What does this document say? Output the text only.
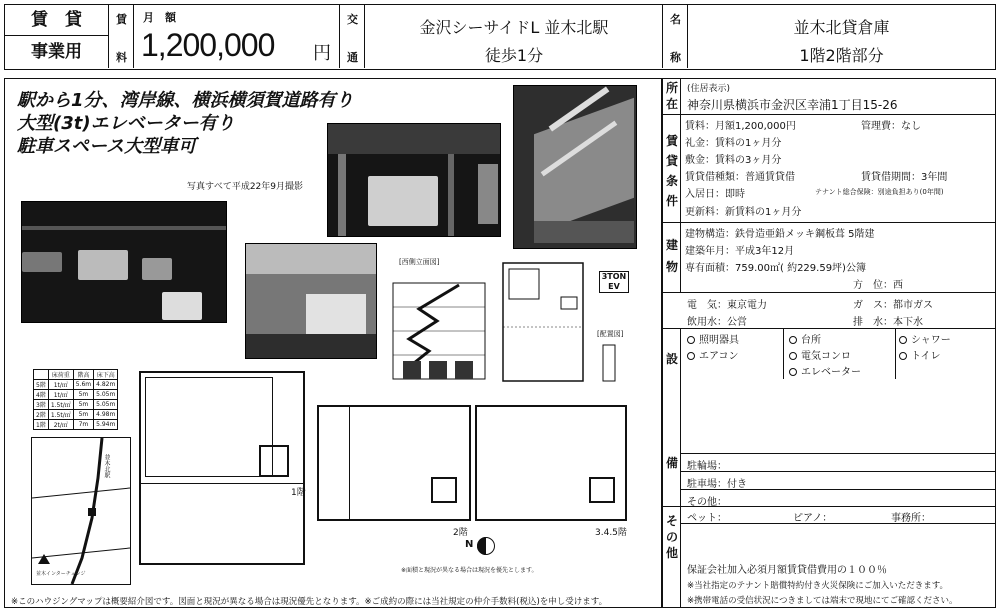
賃　貸
事業用
賃
料
月　額
1,200,000 円
交
通
金沢シーサイドL 並木北駅
徒歩1分
名
称
並木北貸倉庫
1階2階部分
駅から1分、湾岸線、横浜横須賀道路有り
大型(3t)エレベーター有り
駐車スペース大型車可
写真すべて平成22年9月撮影
[西側立面図]
3TON
EV
[配置図]
	床荷重	階高	床下高
5階	1t/㎡	5.6m	4.82m
4階	1t/㎡	5m	5.05m
3階	1.5t/㎡	5m	5.05m
2階	1.5t/㎡	5m	4.98m
1階	2t/㎡	7m	5.94m
並木北駅
並木インターチェンジ
1階
2階	3.4.5階
N
※面積と現況が異なる場合は現況を優先とします。
※このハウジングマップは概要紹介図です。図面と現況が異なる場合は現況優先となります。※ご成約の際には当社規定の仲介手数料(税込)を申し受けます。
所
在
(住居表示)
神奈川県横浜市金沢区幸浦1丁目15-26
賃
貸
条
件
賃料：月額1,200,000円	管理費：なし
礼金：賃料の1ヶ月分
敷金：賃料の3ヶ月分
賃貸借種類：普通賃貸借	賃貸借期間：3年間
入居日：即時	テナント総合保険：別途負担あり(0年間)
更新料：新賃料の1ヶ月分
建
物
建物構造：鉄骨造亜鉛メッキ鋼板葺 5階建
建築年月：平成3年12月
専有面積：759.00㎡( 約229.59坪)公簿
方　位：西
電　気：東京電力	ガ　ス：都市ガス
飲用水：公営	排　水：本下水
設
備
照明器具
エアコン
台所
電気コンロ
エレベーター
シャワー
トイレ
駐輪場：
駐車場：付き
その他：
そ
の
他
ペット：	ピアノ：	事務所：
保証会社加入必須月額賃貸借費用の１００％
※当社指定のテナント賠償特約付き火災保険にご加入いただきます。
※携帯電話の受信状況につきましては端末で現地にてご確認ください。
